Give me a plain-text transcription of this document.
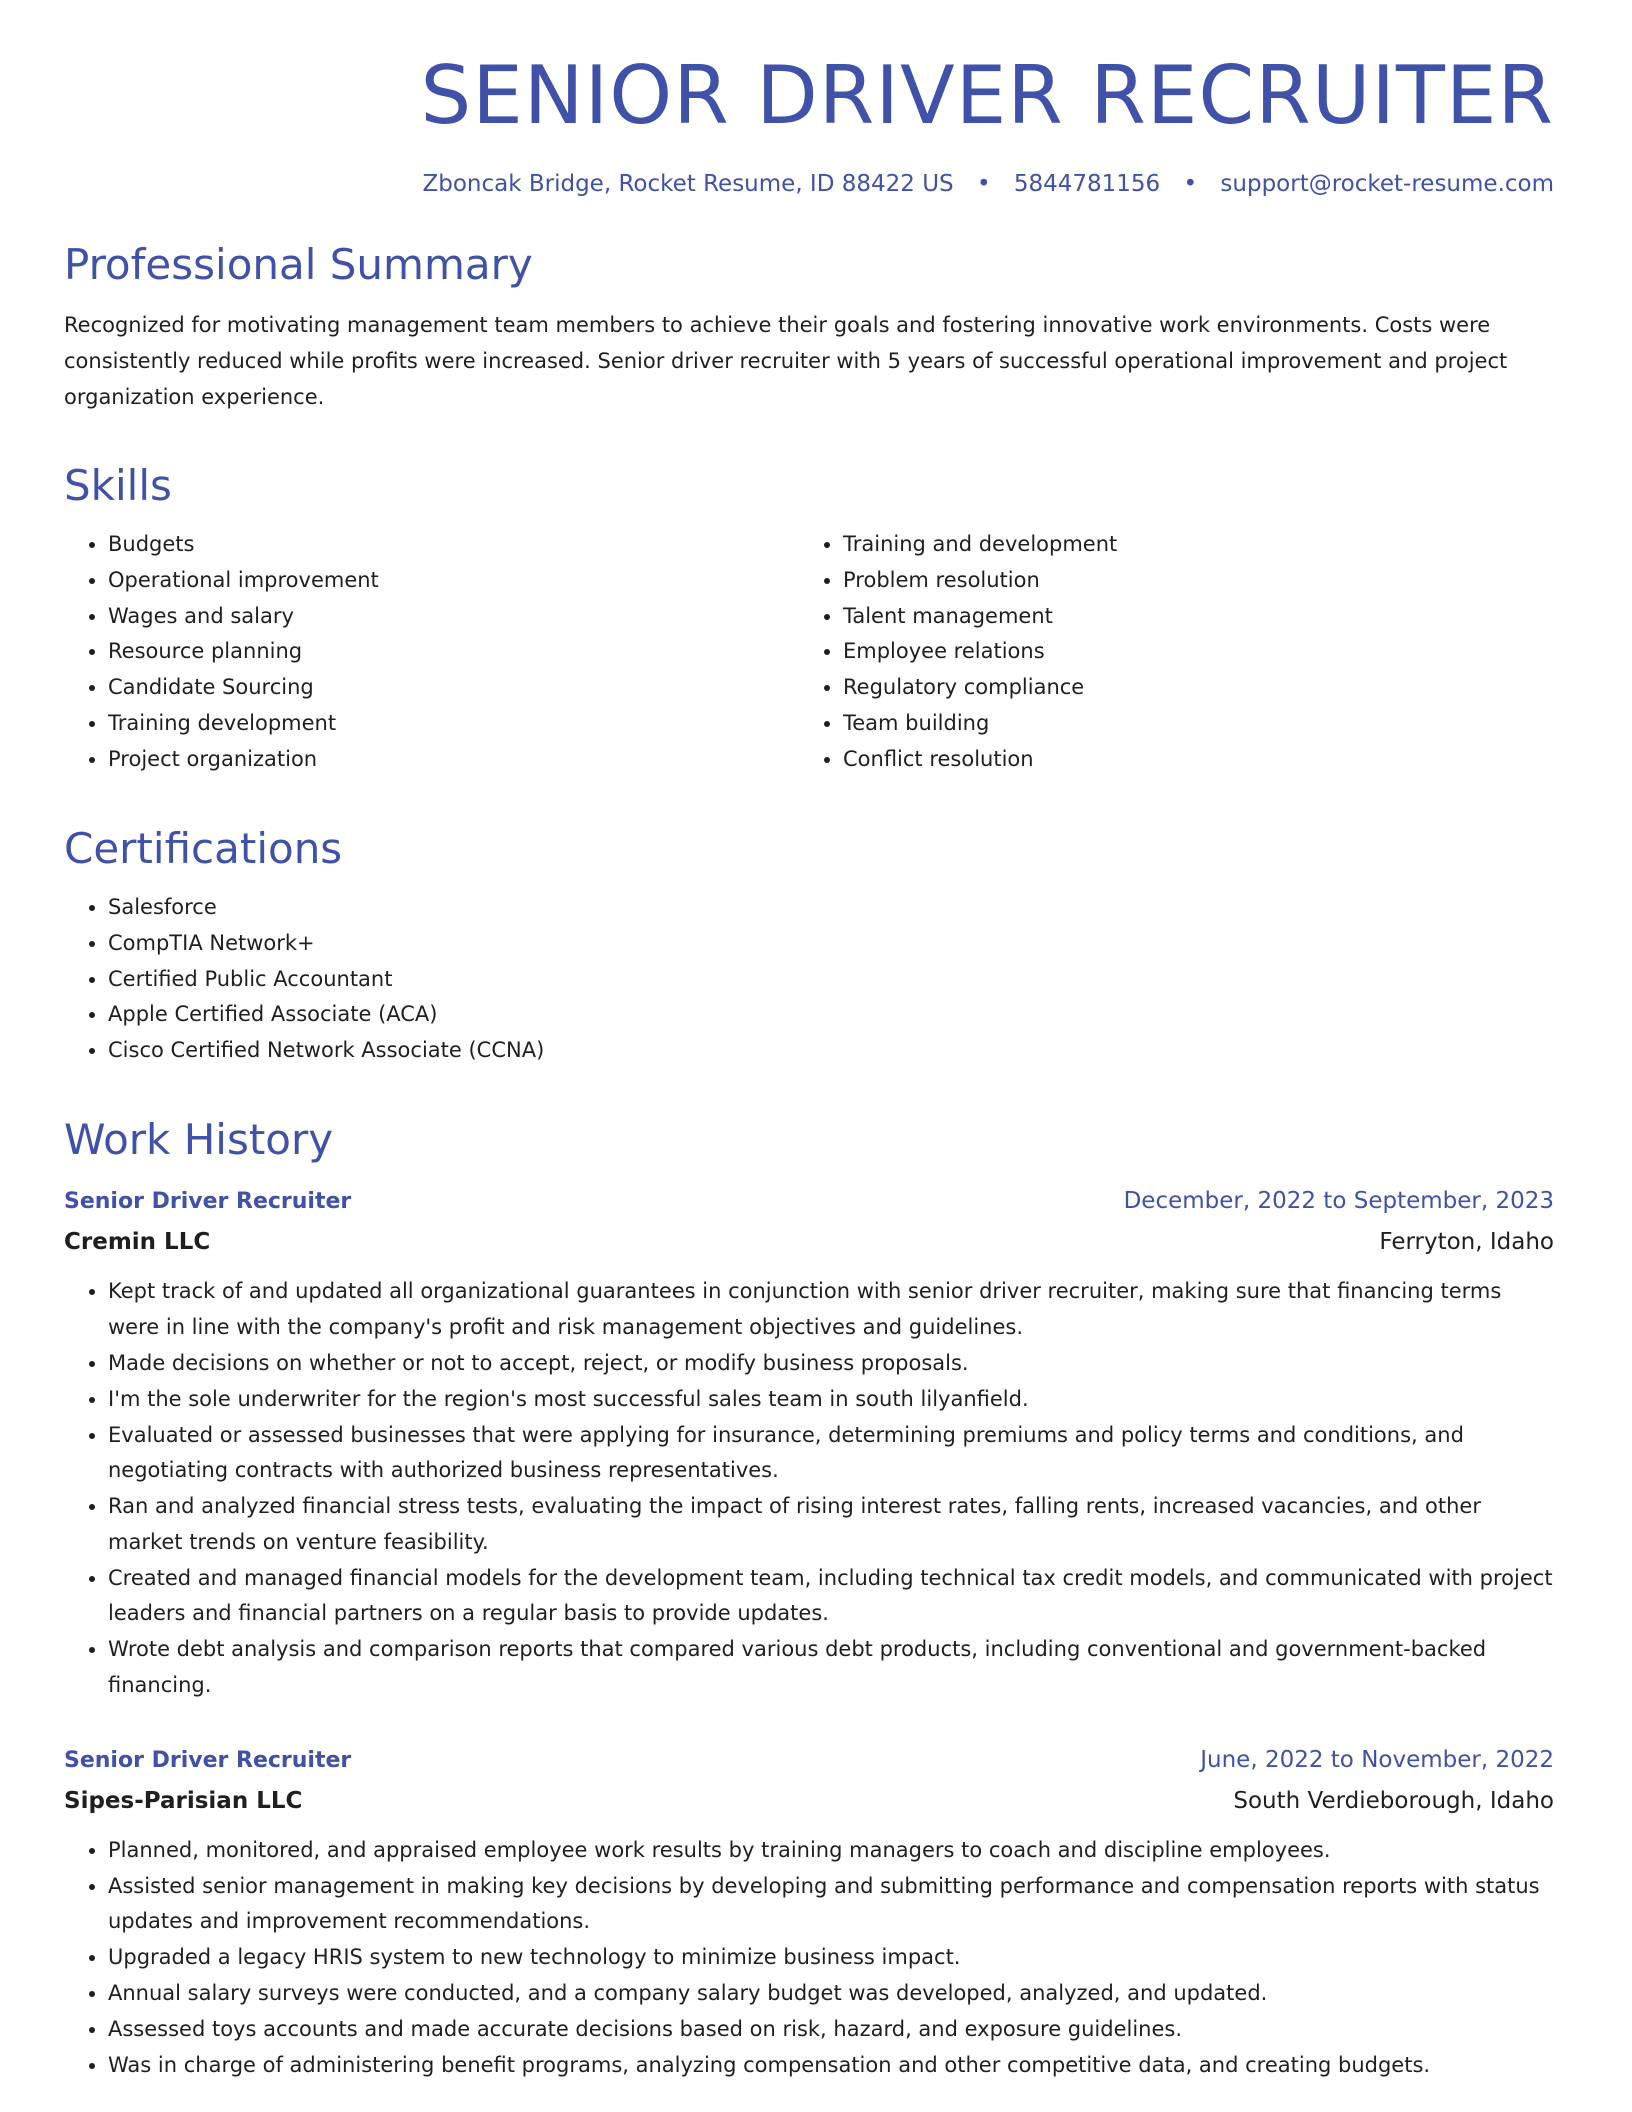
SENIOR DRIVER RECRUITER
Zboncak Bridge, Rocket Resume, ID 88422 US • 5844781156 • support@rocket-resume.com
Professional Summary

Recognized for motivating management team members to achieve their goals and fostering innovative work environments. Costs were consistently reduced while profits were increased. Senior driver recruiter with 5 years of successful operational improvement and project organization experience.

Skills
• Budgets
• Operational improvement
• Wages and salary
• Resource planning
• Candidate Sourcing
• Training development
• Project organization
• Training and development
• Problem resolution
• Talent management
• Employee relations
• Regulatory compliance
• Team building
• Conflict resolution
Certifications
• Salesforce
• CompTIA Network+
• Certified Public Accountant
• Apple Certified Associate (ACA)
• Cisco Certified Network Associate (CCNA)
Work History
Senior Driver Recruiter	December, 2022 to September, 2023
Cremin LLC	Ferryton, Idaho
• Kept track of and updated all organizational guarantees in conjunction with senior driver recruiter, making sure that financing terms were in line with the company's profit and risk management objectives and guidelines.
• Made decisions on whether or not to accept, reject, or modify business proposals.
• I'm the sole underwriter for the region's most successful sales team in south lilyanfield.
• Evaluated or assessed businesses that were applying for insurance, determining premiums and policy terms and conditions, and negotiating contracts with authorized business representatives.
• Ran and analyzed financial stress tests, evaluating the impact of rising interest rates, falling rents, increased vacancies, and other market trends on venture feasibility.
• Created and managed financial models for the development team, including technical tax credit models, and communicated with project leaders and financial partners on a regular basis to provide updates.
• Wrote debt analysis and comparison reports that compared various debt products, including conventional and government-backed financing.
Senior Driver Recruiter	June, 2022 to November, 2022
Sipes-Parisian LLC	South Verdieborough, Idaho
• Planned, monitored, and appraised employee work results by training managers to coach and discipline employees.
• Assisted senior management in making key decisions by developing and submitting performance and compensation reports with status updates and improvement recommendations.
• Upgraded a legacy HRIS system to new technology to minimize business impact.
• Annual salary surveys were conducted, and a company salary budget was developed, analyzed, and updated.
• Assessed toys accounts and made accurate decisions based on risk, hazard, and exposure guidelines.
• Was in charge of administering benefit programs, analyzing compensation and other competitive data, and creating budgets.
